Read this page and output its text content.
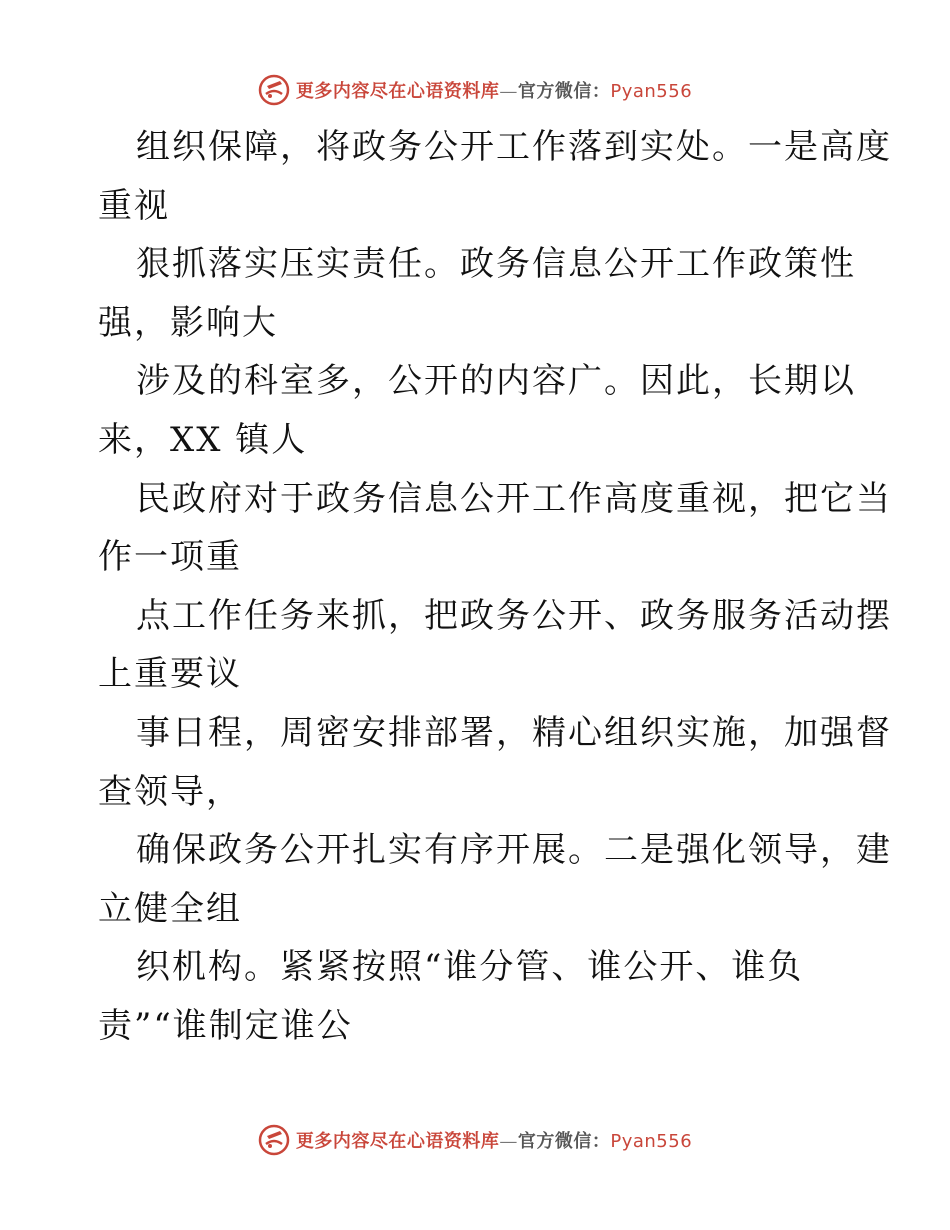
更多内容尽在心语资料库—官方微信：Pyan556
组织保障，将政务公开工作落到实处。一是高度
重视
狠抓落实压实责任。政务信息公开工作政策性
强，影响大
涉及的科室多，公开的内容广。因此，长期以
来，XX 镇人
民政府对于政务信息公开工作高度重视，把它当
作一项重
点工作任务来抓，把政务公开、政务服务活动摆
上重要议
事日程，周密安排部署，精心组织实施，加强督
查领导，
确保政务公开扎实有序开展。二是强化领导，建
立健全组
织机构。紧紧按照“谁分管、谁公开、谁负
责”“谁制定谁公
更多内容尽在心语资料库—官方微信：Pyan556
